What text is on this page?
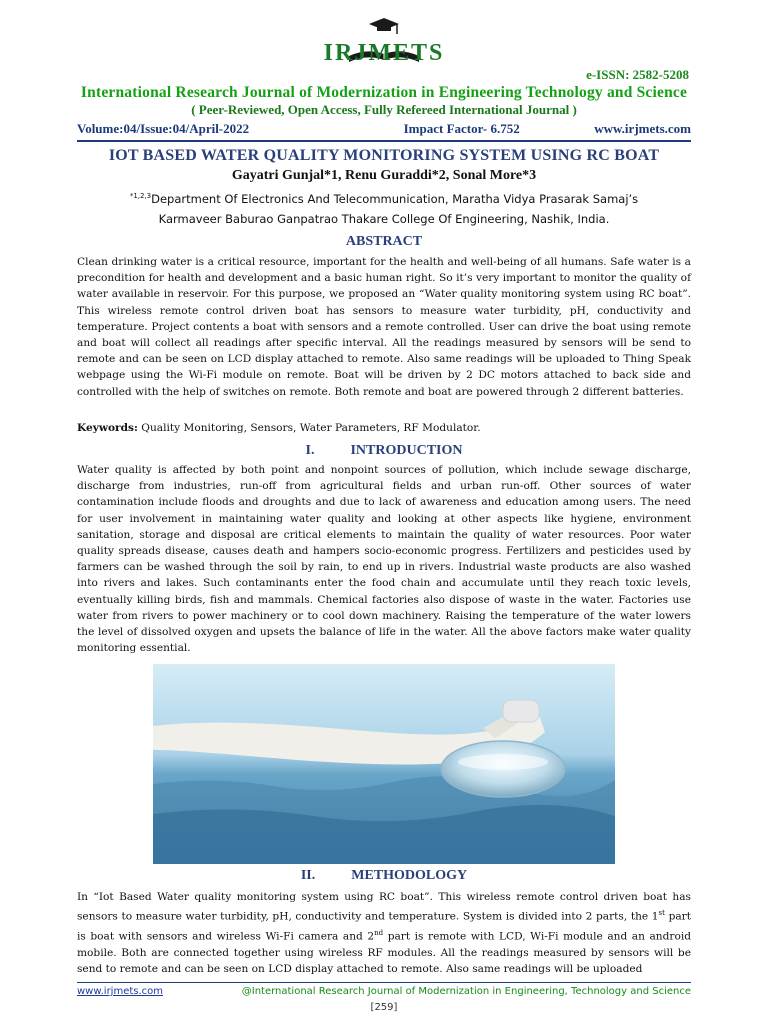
IRJMETS
e-ISSN: 2582-5208
International Research Journal of Modernization in Engineering Technology and Science
( Peer-Reviewed, Open Access, Fully Refereed International Journal )
Volume:04/Issue:04/April-2022	Impact Factor- 6.752	www.irjmets.com
IOT BASED WATER QUALITY MONITORING SYSTEM USING RC BOAT
Gayatri Gunjal*1, Renu Guraddi*2, Sonal More*3
$^{*1,2,3}$Department Of Electronics And Telecommunication, Maratha Vidya Prasarak Samaj’s
Karmaveer Baburao Ganpatrao Thakare College Of Engineering, Nashik, India.
ABSTRACT
Clean drinking water is a critical resource, important for the health and well-being of all humans. Safe water is a precondition for health and development and a basic human right. So it’s very important to monitor the quality of water available in reservoir. For this purpose, we proposed an “Water quality monitoring system using RC boat”. This wireless remote control driven boat has sensors to measure water turbidity, pH, conductivity and temperature. Project contents a boat with sensors and a remote controlled. User can drive the boat using remote and boat will collect all readings after specific interval. All the readings measured by sensors will be send to remote and can be seen on LCD display attached to remote. Also same readings will be uploaded to Thing Speak webpage using the Wi-Fi module on remote. Boat will be driven by 2 DC motors attached to back side and controlled with the help of switches on remote. Both remote and boat are powered through 2 different batteries.
Keywords: Quality Monitoring, Sensors, Water Parameters, RF Modulator.
I.	INTRODUCTION
Water quality is affected by both point and nonpoint sources of pollution, which include sewage discharge, discharge from industries, run-off from agricultural fields and urban run-off. Other sources of water contamination include floods and droughts and due to lack of awareness and education among users. The need for user involvement in maintaining water quality and looking at other aspects like hygiene, environment sanitation, storage and disposal are critical elements to maintain the quality of water resources. Poor water quality spreads disease, causes death and hampers socio-economic progress. Fertilizers and pesticides used by farmers can be washed through the soil by rain, to end up in rivers. Industrial waste products are also washed into rivers and lakes. Such contaminants enter the food chain and accumulate until they reach toxic levels, eventually killing birds, fish and mammals. Chemical factories also dispose of waste in the water. Factories use water from rivers to power machinery or to cool down machinery. Raising the temperature of the water lowers the level of dissolved oxygen and upsets the balance of life in the water. All the above factors make water quality monitoring essential.
II.	METHODOLOGY
In “Iot Based Water quality monitoring system using RC boat”. This wireless remote control driven boat has sensors to measure water turbidity, pH, conductivity and temperature. System is divided into 2 parts, the 1st part is boat with sensors and wireless Wi-Fi camera and 2nd part is remote with LCD, Wi-Fi module and an android mobile. Both are connected together using wireless RF modules. All the readings measured by sensors will be send to remote and can be seen on LCD display attached to remote. Also same readings will be uploaded
www.irjmets.com	@International Research Journal of Modernization in Engineering, Technology and Science
[259]
